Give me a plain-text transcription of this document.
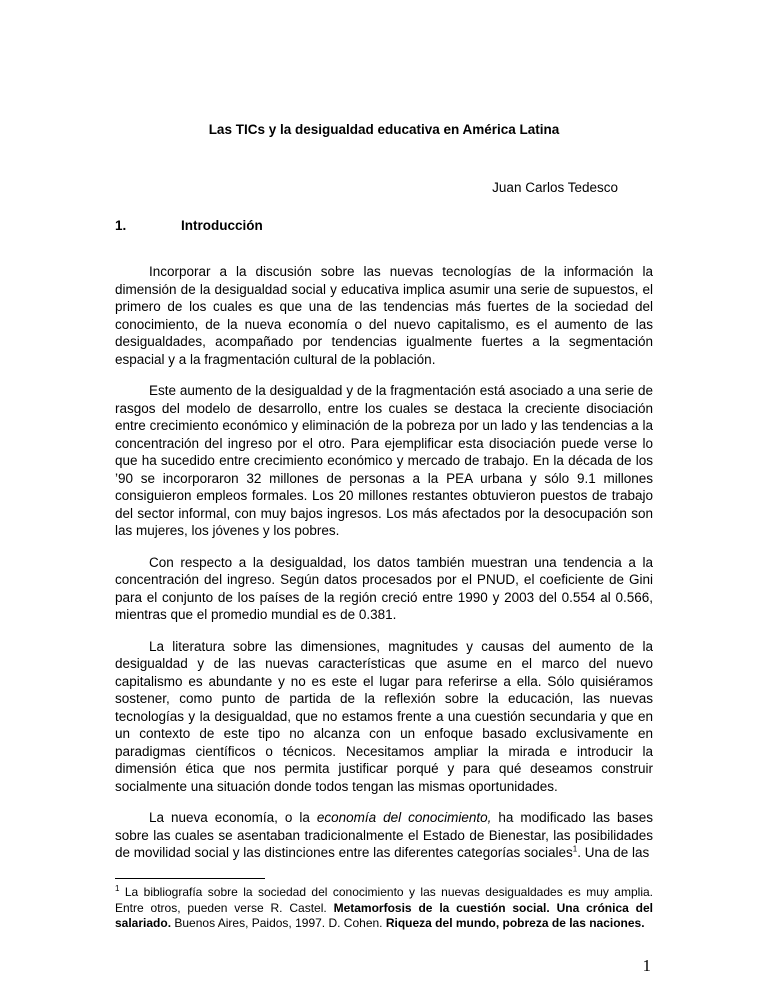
Las TICs y la desigualdad educativa en América Latina
Juan Carlos Tedesco
1.	Introducción

Incorporar a la discusión sobre las nuevas tecnologías de la información la dimensión de la desigualdad social y educativa implica asumir una serie de supuestos, el primero de los cuales es que una de las tendencias más fuertes de la sociedad del conocimiento, de la nueva economía o del nuevo capitalismo, es el aumento de las desigualdades, acompañado por tendencias igualmente fuertes a la segmentación espacial y a la fragmentación cultural de la población.

Este aumento de la desigualdad y de la fragmentación está asociado a una serie de rasgos del modelo de desarrollo, entre los cuales se destaca la creciente disociación entre crecimiento económico y eliminación de la pobreza por un lado y las tendencias a la concentración del ingreso por el otro. Para ejemplificar esta disociación puede verse lo que ha sucedido entre crecimiento económico y mercado de trabajo. En la década de los ’90 se incorporaron 32 millones de personas a la PEA urbana y sólo 9.1 millones consiguieron empleos formales. Los 20 millones restantes obtuvieron puestos de trabajo del sector informal, con muy bajos ingresos. Los más afectados por la desocupación son las mujeres, los jóvenes y los pobres.

Con respecto a la desigualdad, los datos también muestran una tendencia a la concentración del ingreso. Según datos procesados por el PNUD, el coeficiente de Gini para el conjunto de los países de la región creció entre 1990 y 2003 del 0.554 al 0.566, mientras que el promedio mundial es de 0.381.

La literatura sobre las dimensiones, magnitudes y causas del aumento de la desigualdad y de las nuevas características que asume en el marco del nuevo capitalismo es abundante y no es este el lugar para referirse a ella. Sólo quisiéramos sostener, como punto de partida de la reflexión sobre la educación, las nuevas tecnologías y la desigualdad, que no estamos frente a una cuestión secundaria y que en un contexto de este tipo no alcanza con un enfoque basado exclusivamente en paradigmas científicos o técnicos. Necesitamos ampliar la mirada e introducir la dimensión ética que nos permita justificar porqué y para qué deseamos construir socialmente una situación donde todos tengan las mismas oportunidades.

La nueva economía, o la economía del conocimiento, ha modificado las bases sobre las cuales se asentaban tradicionalmente el Estado de Bienestar, las posibilidades de movilidad social y las distinciones entre las diferentes categorías sociales$^1$. Una de las

$^1$ La bibliografía sobre la sociedad del conocimiento y las nuevas desigualdades es muy amplia. Entre otros, pueden verse R. Castel. Metamorfosis de la cuestión social. Una crónica del salariado. Buenos Aires, Paidos, 1997. D. Cohen. Riqueza del mundo, pobreza de las naciones.
1
